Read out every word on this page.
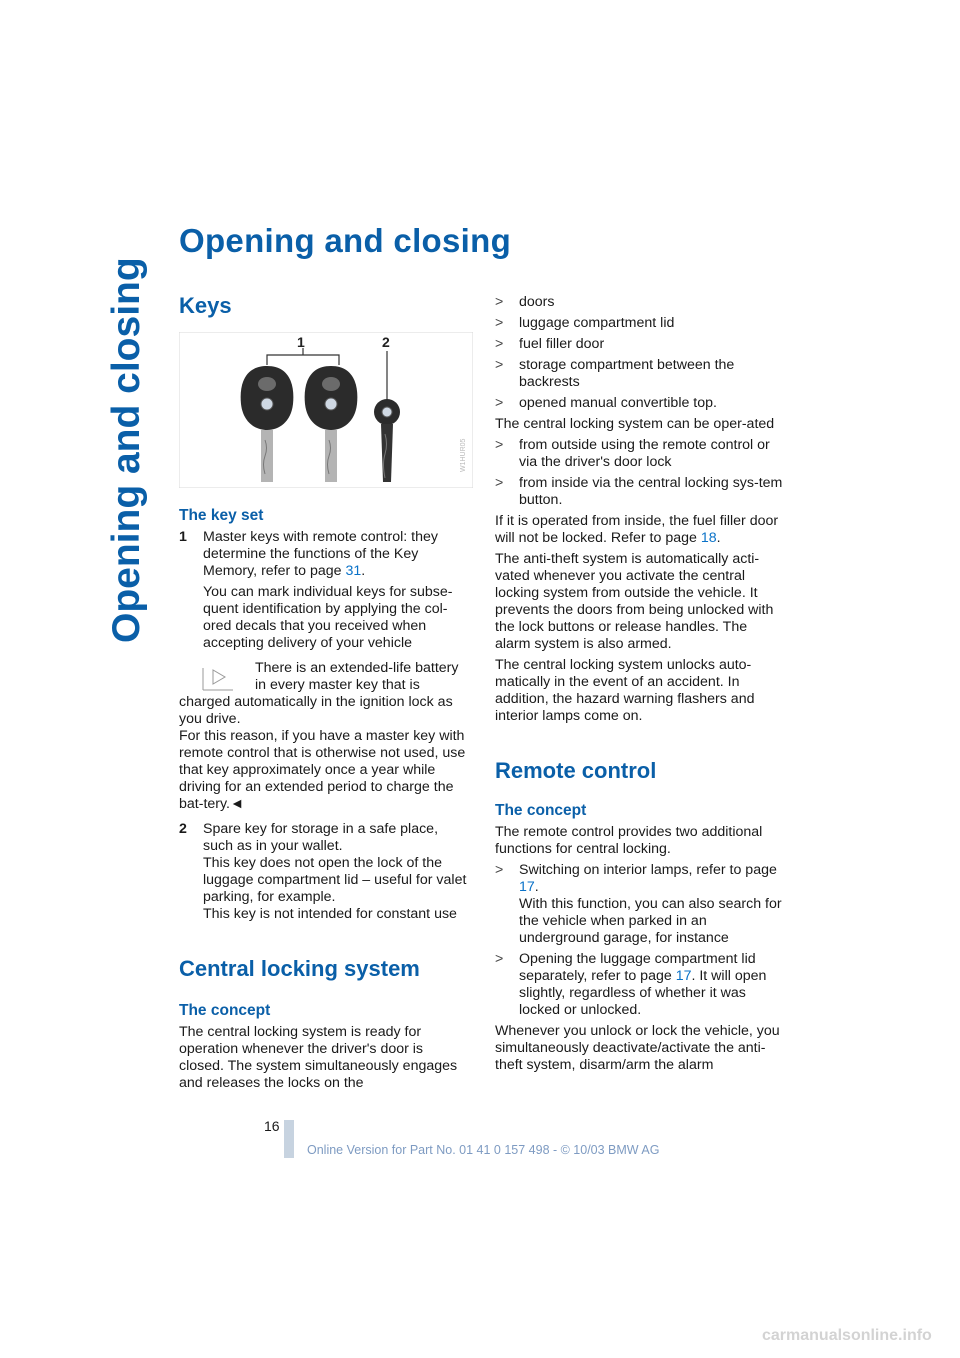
Opening and closing
Opening and closing
Keys
1	2
W1HUR05
The key set
1	Master keys with remote control: they determine the functions of the Key Memory, refer to page 31.

You can mark individual keys for subse-quent identification by applying the col-ored decals that you received when accepting delivery of your vehicle

There is an extended-life battery in every master key that is charged automatically in the ignition lock as you drive.

For this reason, if you have a master key with remote control that is otherwise not used, use that key approximately once a year while driving for an extended period to charge the bat-tery.◄

2	Spare key for storage in a safe place, such as in your wallet.

This key does not open the lock of the luggage compartment lid – useful for valet parking, for example.

This key is not intended for constant use

Central locking system
The concept

The central locking system is ready for operation whenever the driver's door is closed. The system simultaneously engages and releases the locks on the

>	doors
>	luggage compartment lid
>	fuel filler door
>	storage compartment between the backrests
>	opened manual convertible top.

The central locking system can be oper-ated

>	from outside using the remote control or via the driver's door lock
>	from inside via the central locking sys-tem button.

If it is operated from inside, the fuel filler door will not be locked. Refer to page 18.

The anti-theft system is automatically acti-vated whenever you activate the central locking system from outside the vehicle. It prevents the doors from being unlocked with the lock buttons or release handles. The alarm system is also armed.

The central locking system unlocks auto-matically in the event of an accident. In addition, the hazard warning flashers and interior lamps come on.

Remote control
The concept

The remote control provides two additional functions for central locking.

>	Switching on interior lamps, refer to page 17.
With this function, you can also search for the vehicle when parked in an underground garage, for instance
>	Opening the luggage compartment lid separately, refer to page 17. It will open slightly, regardless of whether it was locked or unlocked.

Whenever you unlock or lock the vehicle, you simultaneously deactivate/activate the anti-theft system, disarm/arm the alarm

16
Online Version for Part No. 01 41 0 157 498 - © 10/03 BMW AG
carmanualsonline.info
